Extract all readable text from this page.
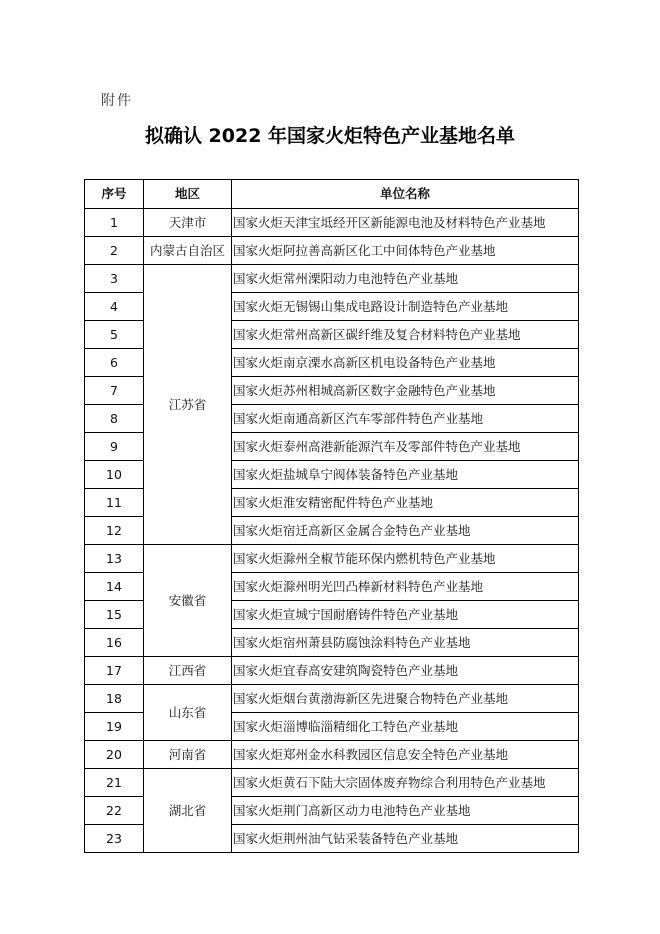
附件
拟确认 2022 年国家火炬特色产业基地名单
序号	地区	单位名称
1	天津市	国家火炬天津宝坻经开区新能源电池及材料特色产业基地
2	内蒙古自治区	国家火炬阿拉善高新区化工中间体特色产业基地
3	江苏省	国家火炬常州溧阳动力电池特色产业基地
4		国家火炬无锡锡山集成电路设计制造特色产业基地
5		国家火炬常州高新区碳纤维及复合材料特色产业基地
6		国家火炬南京溧水高新区机电设备特色产业基地
7		国家火炬苏州相城高新区数字金融特色产业基地
8		国家火炬南通高新区汽车零部件特色产业基地
9		国家火炬泰州高港新能源汽车及零部件特色产业基地
10		国家火炬盐城阜宁阀体装备特色产业基地
11		国家火炬淮安精密配件特色产业基地
12		国家火炬宿迁高新区金属合金特色产业基地
13	安徽省	国家火炬滁州全椒节能环保内燃机特色产业基地
14		国家火炬滁州明光凹凸棒新材料特色产业基地
15		国家火炬宣城宁国耐磨铸件特色产业基地
16		国家火炬宿州萧县防腐蚀涂料特色产业基地
17	江西省	国家火炬宜春高安建筑陶瓷特色产业基地
18	山东省	国家火炬烟台黄渤海新区先进聚合物特色产业基地
19		国家火炬淄博临淄精细化工特色产业基地
20	河南省	国家火炬郑州金水科教园区信息安全特色产业基地
21	湖北省	国家火炬黄石下陆大宗固体废弃物综合利用特色产业基地
22		国家火炬荆门高新区动力电池特色产业基地
23		国家火炬荆州油气钻采装备特色产业基地
